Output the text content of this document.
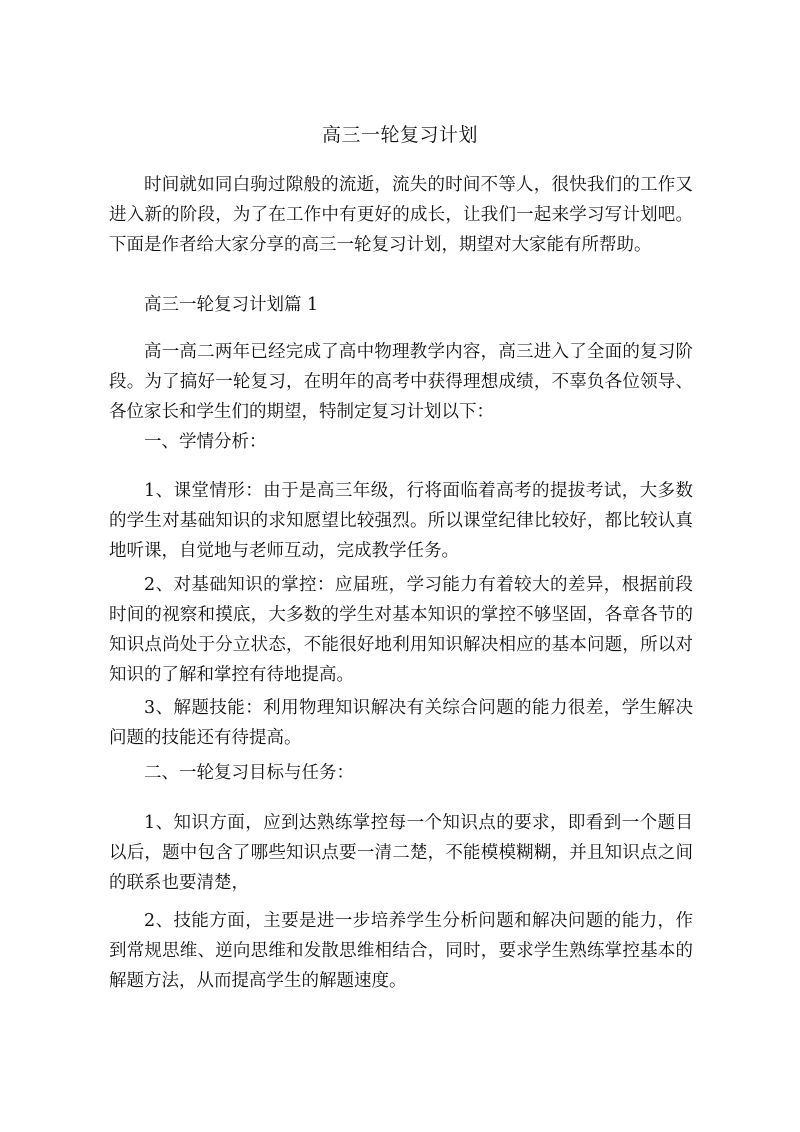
高三一轮复习计划

时间就如同白驹过隙般的流逝，流失的时间不等人，很快我们的工作又进入新的阶段，为了在工作中有更好的成长，让我们一起来学习写计划吧。下面是作者给大家分享的高三一轮复习计划，期望对大家能有所帮助。

高三一轮复习计划篇 1

高一高二两年已经完成了高中物理教学内容，高三进入了全面的复习阶段。为了搞好一轮复习，在明年的高考中获得理想成绩，不辜负各位领导、各位家长和学生们的期望，特制定复习计划以下：

一、学情分析：

1、课堂情形：由于是高三年级，行将面临着高考的提拔考试，大多数的学生对基础知识的求知愿望比较强烈。所以课堂纪律比较好，都比较认真地听课，自觉地与老师互动，完成教学任务。

2、对基础知识的掌控：应届班，学习能力有着较大的差异，根据前段时间的视察和摸底，大多数的学生对基本知识的掌控不够坚固，各章各节的知识点尚处于分立状态，不能很好地利用知识解决相应的基本问题，所以对知识的了解和掌控有待地提高。

3、解题技能：利用物理知识解决有关综合问题的能力很差，学生解决问题的技能还有待提高。

二、一轮复习目标与任务：

1、知识方面，应到达熟练掌控每一个知识点的要求，即看到一个题目以后，题中包含了哪些知识点要一清二楚，不能模模糊糊，并且知识点之间的联系也要清楚，

2、技能方面，主要是进一步培养学生分析问题和解决问题的能力，作到常规思维、逆向思维和发散思维相结合，同时，要求学生熟练掌控基本的解题方法，从而提高学生的解题速度。
